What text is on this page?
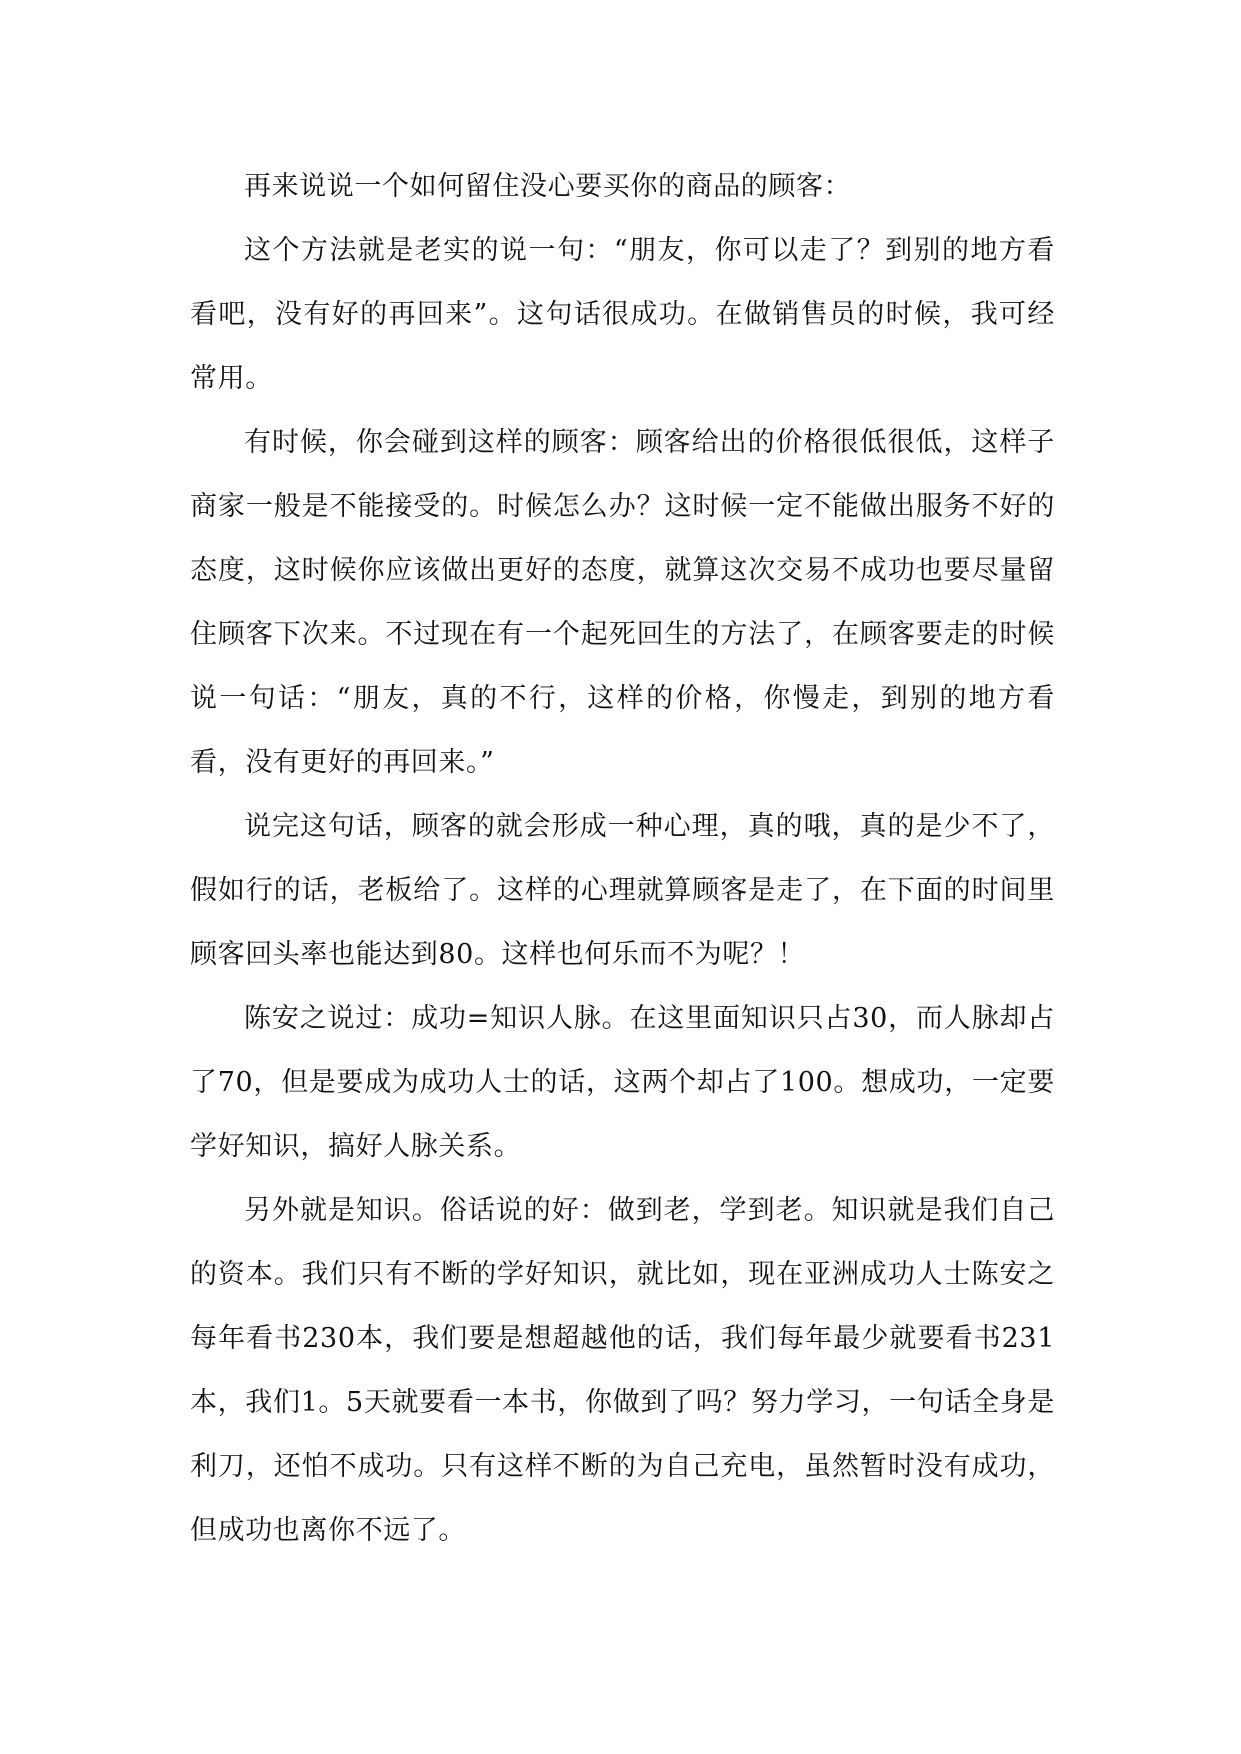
再来说说一个如何留住没心要买你的商品的顾客：

这个方法就是老实的说一句：“朋友，你可以走了？到别的地方看看吧，没有好的再回来”。这句话很成功。在做销售员的时候，我可经常用。

有时候，你会碰到这样的顾客：顾客给出的价格很低很低，这样子商家一般是不能接受的。时候怎么办？这时候一定不能做出服务不好的态度，这时候你应该做出更好的态度，就算这次交易不成功也要尽量留住顾客下次来。不过现在有一个起死回生的方法了，在顾客要走的时候说一句话：“朋友，真的不行，这样的价格，你慢走，到别的地方看看，没有更好的再回来。”

说完这句话，顾客的就会形成一种心理，真的哦，真的是少不了，假如行的话，老板给了。这样的心理就算顾客是走了，在下面的时间里顾客回头率也能达到80。这样也何乐而不为呢？！

陈安之说过：成功=知识人脉。在这里面知识只占30，而人脉却占了70，但是要成为成功人士的话，这两个却占了100。想成功，一定要学好知识，搞好人脉关系。

另外就是知识。俗话说的好：做到老，学到老。知识就是我们自己的资本。我们只有不断的学好知识，就比如，现在亚洲成功人士陈安之每年看书230本，我们要是想超越他的话，我们每年最少就要看书231本，我们1。5天就要看一本书，你做到了吗？努力学习，一句话全身是利刀，还怕不成功。只有这样不断的为自己充电，虽然暂时没有成功，但成功也离你不远了。
